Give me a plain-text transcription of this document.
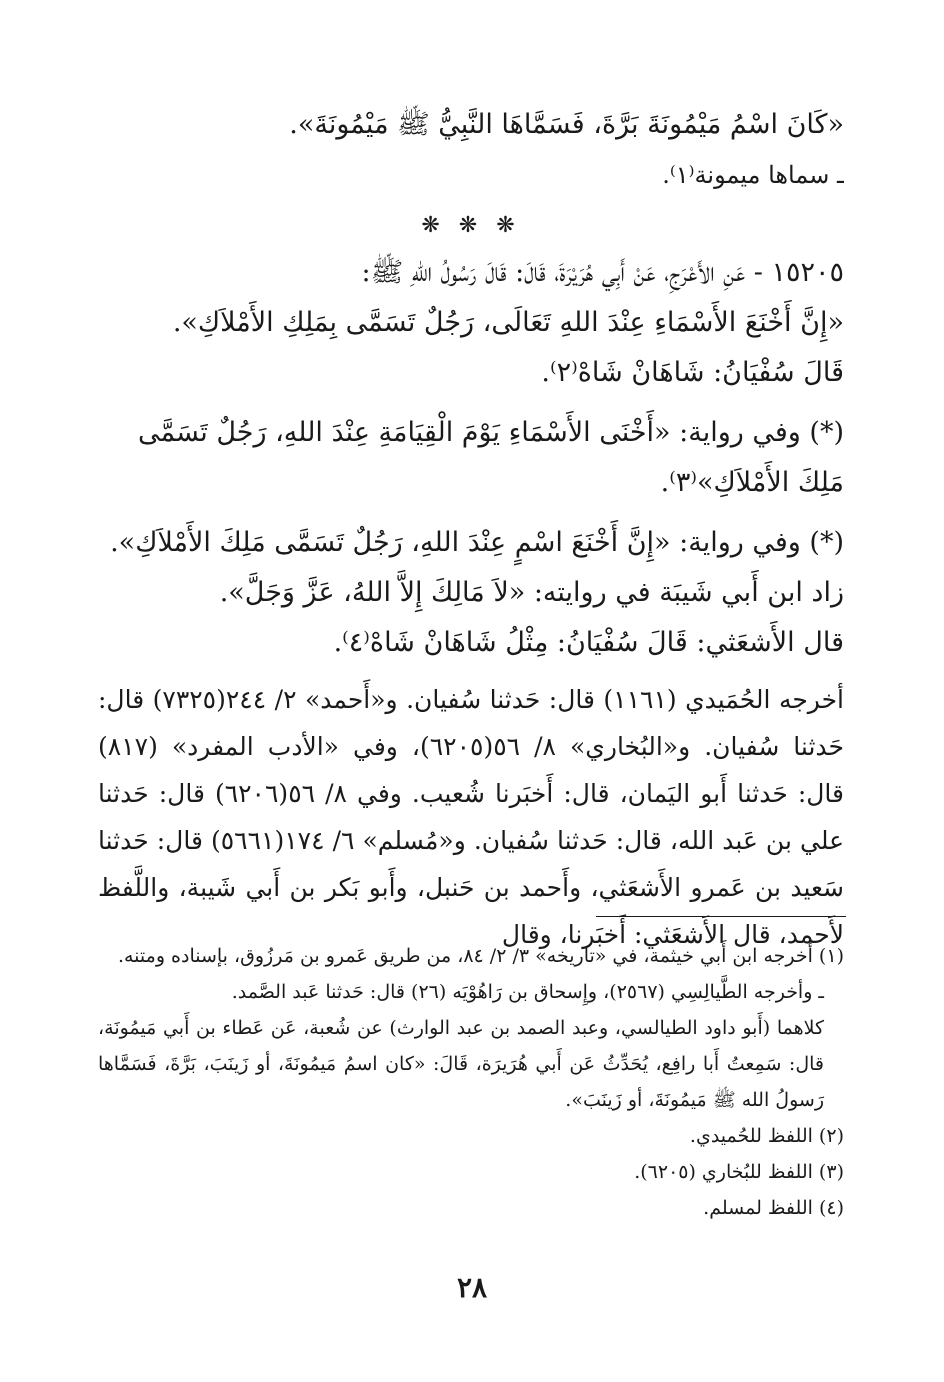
«كَانَ اسْمُ مَيْمُونَةَ بَرَّةَ، فَسَمَّاهَا النَّبِيُّ ﷺ مَيْمُونَةَ».

ـ سماها ميمونة⁽١⁾.

❋ ❋ ❋

١٥٢٠٥ - عَنِ الأَعْرَجِ، عَنْ أَبِي هُرَيْرَةَ، قَالَ: قَالَ رَسُولُ اللهِ ﷺ:

«إِنَّ أَخْنَعَ الأَسْمَاءِ عِنْدَ اللهِ تَعَالَى، رَجُلٌ تَسَمَّى بِمَلِكِ الأَمْلاَكِ».

قَالَ سُفْيَانُ: شَاهَانْ شَاهْ⁽٢⁾.

(*) وفي رواية: «أَخْنَى الأَسْمَاءِ يَوْمَ الْقِيَامَةِ عِنْدَ اللهِ، رَجُلٌ تَسَمَّى مَلِكَ الأَمْلاَكِ»⁽٣⁾.

(*) وفي رواية: «إِنَّ أَخْنَعَ اسْمٍ عِنْدَ اللهِ، رَجُلٌ تَسَمَّى مَلِكَ الأَمْلاَكِ».

زاد ابن أَبي شَيبَة في روايته: «لاَ مَالِكَ إِلاَّ اللهُ، عَزَّ وَجَلَّ».

قال الأَشعَثي: قَالَ سُفْيَانُ: مِثْلُ شَاهَانْ شَاهْ⁽٤⁾.

أخرجه الحُمَيدي (١١٦١) قال: حَدثنا سُفيان. و«أَحمد» ٢/ ٢٤٤(٧٣٢٥) قال: حَدثنا سُفيان. و«البُخاري» ٨/ ٥٦(٦٢٠٥)، وفي «الأدب المفرد» (٨١٧) قال: حَدثنا أَبو اليَمان، قال: أَخبَرنا شُعيب. وفي ٨/ ٥٦(٦٢٠٦) قال: حَدثنا علي بن عَبد الله، قال: حَدثنا سُفيان. و«مُسلم» ٦/ ١٧٤(٥٦٦١) قال: حَدثنا سَعيد بن عَمرو الأَشعَثي، وأَحمد بن حَنبل، وأَبو بَكر بن أَبي شَيبة، واللَّفظ لأَحمد، قال الأَشعَثي: أَخبَرنا، وقال

(١) أخرجه ابن أَبي خيثمة، في «تاريخه» ٣/ ٢/ ٨٤، من طريق عَمرو بن مَرزُوق، بإسناده ومتنه.

ـ وأخرجه الطَّيالِسِي (٢٥٦٧)، وإِسحاق بن رَاهُوْيَه (٢٦) قال: حَدثنا عَبد الصَّمد.

كلاهما (أَبو داود الطيالسي، وعبد الصمد بن عبد الوارث) عن شُعبة، عَن عَطاء بن أَبي مَيمُونَة، قال: سَمِعتُ أَبا رافِع، يُحَدِّثُ عَن أَبي هُرَيرَة، قَالَ: «كان اسمُ مَيمُونَةَ، أو زَينَبَ، بَرَّةَ، فَسَمَّاها رَسولُ الله ﷺ مَيمُونَةَ، أو زَينَبَ».

(٢) اللفظ للحُميدي.

(٣) اللفظ للبُخاري (٦٢٠٥).

(٤) اللفظ لمسلم.

٢٨
